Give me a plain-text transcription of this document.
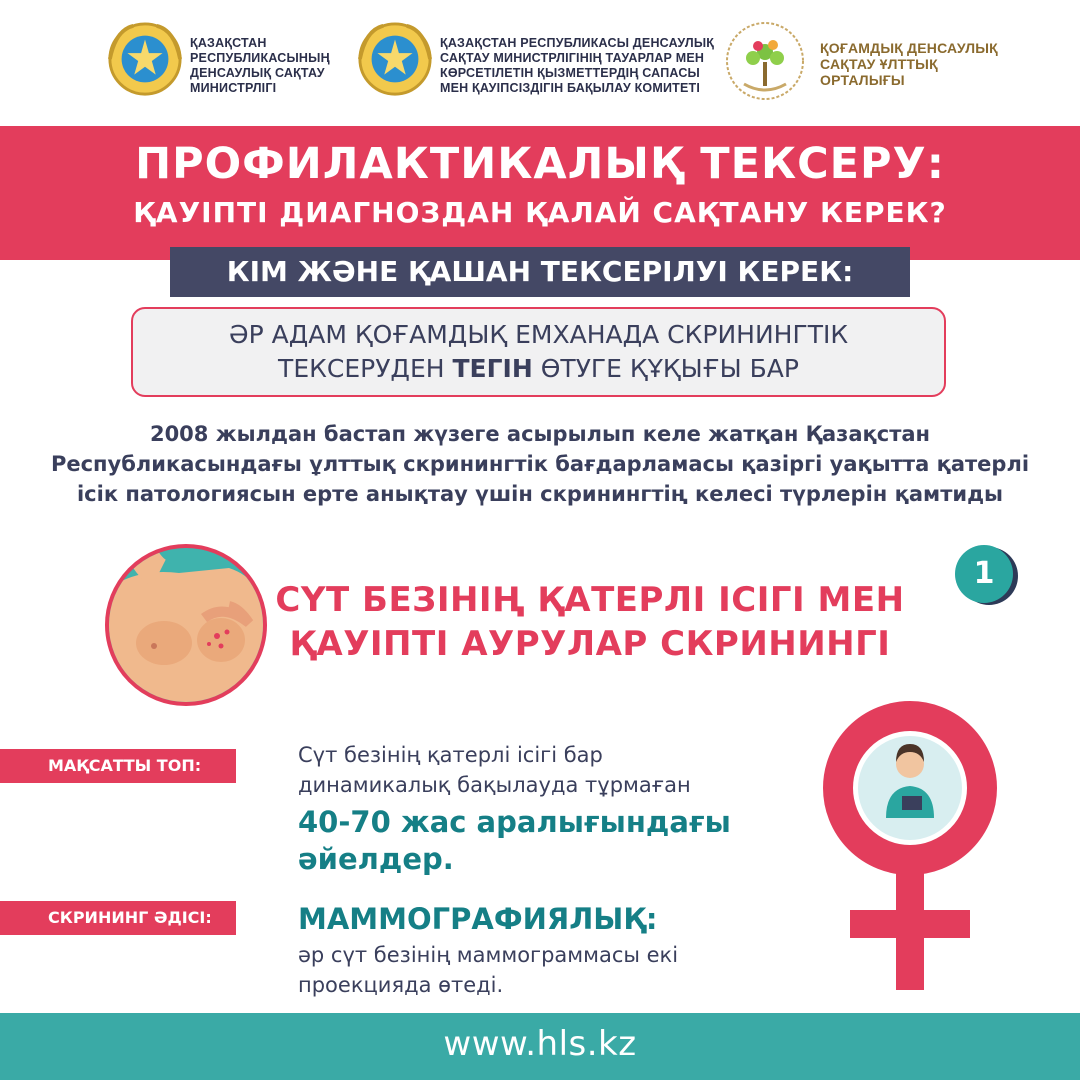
ҚАЗАҚСТАН
РЕСПУБЛИКАСЫНЫҢ
ДЕНСАУЛЫҚ САҚТАУ
МИНИСТРЛІГІ
ҚАЗАҚСТАН РЕСПУБЛИКАСЫ ДЕНСАУЛЫҚ
САҚТАУ МИНИСТРЛІГІНІҢ ТАУАРЛАР МЕН
КӨРСЕТІЛЕТІН ҚЫЗМЕТТЕРДІҢ САПАСЫ
МЕН ҚАУІПСІЗДІГІН БАҚЫЛАУ КОМИТЕТІ
ҚОҒАМДЫҚ ДЕНСАУЛЫҚ
САҚТАУ ҰЛТТЫҚ
ОРТАЛЫҒЫ
ПРОФИЛАКТИКАЛЫҚ ТЕКСЕРУ:
ҚАУІПТІ ДИАГНОЗДАН ҚАЛАЙ САҚТАНУ КЕРЕК?
КІМ ЖӘНЕ ҚАШАН ТЕКСЕРІЛУІ КЕРЕК:
ӘР АДАМ ҚОҒАМДЫҚ ЕМХАНАДА СКРИНИНГТІК
ТЕКСЕРУДЕН ТЕГІН ӨТУГЕ ҚҰҚЫҒЫ БАР
2008 жылдан бастап жүзеге асырылып келе жатқан Қазақстан
Республикасындағы ұлттық скринингтік бағдарламасы қазіргі уақытта қатерлі
ісік патологиясын ерте анықтау үшін скринингтің келесі түрлерін қамтиды
1
СҮТ БЕЗІНІҢ ҚАТЕРЛІ ІСІГІ МЕН
ҚАУІПТІ АУРУЛАР СКРИНИНГІ
МАҚСАТТЫ ТОП:	Сүт безінің қатерлі ісігі бар
динамикалық бақылауда тұрмаған
40-70 жас аралығындағы
әйелдер.
СКРИНИНГ ӘДІСІ:	МАММОГРАФИЯЛЫҚ:
әр сүт безінің маммограммасы екі
проекцияда өтеді.
www.hls.kz
